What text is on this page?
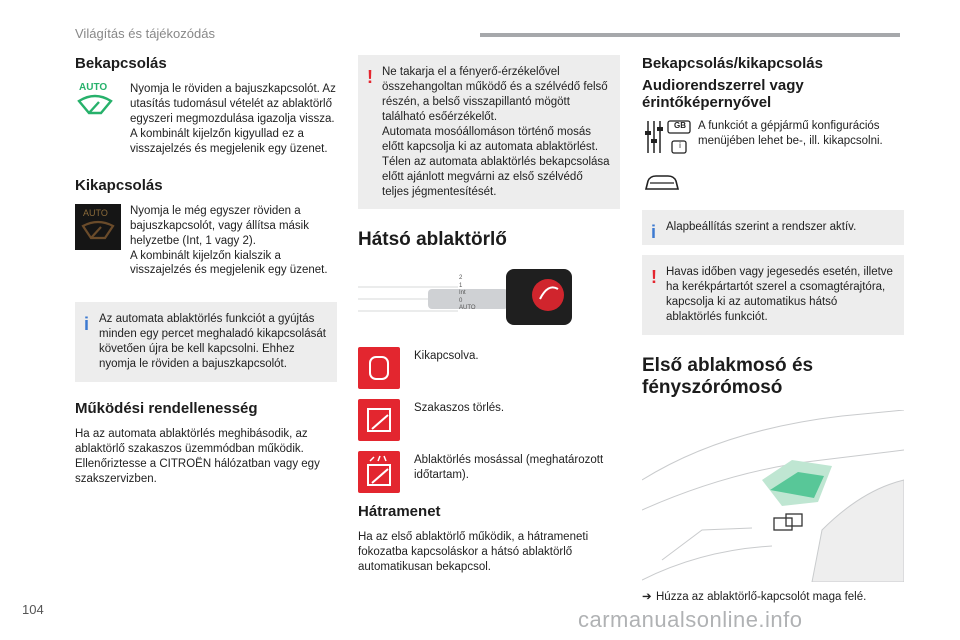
Világítás és tájékozódás
Bekapcsolás
AUTO	Nyomja le röviden a bajuszkapcsolót. Az utasítás tudomásul vételét az ablaktörlő egyszeri megmozdulása igazolja vissza.
A kombinált kijelzőn kigyullad ez a visszajelzés és megjelenik egy üzenet.
Kikapcsolás
AUTO	Nyomja le még egyszer röviden a bajuszkapcsolót, vagy állítsa másik helyzetbe (Int, 1 vagy 2).
A kombinált kijelzőn kialszik a visszajelzés és megjelenik egy üzenet.
i Az automata ablaktörlés funkciót a gyújtás minden egy percet meghaladó kikapcsolását követően újra be kell kapcsolni. Ehhez nyomja le röviden a bajuszkapcsolót.
Működési rendellenesség

Ha az automata ablaktörlés meghibásodik, az ablaktörlő szakaszos üzemmódban működik.
Ellenőriztesse a CITROËN hálózatban vagy egy szakszervizben.

! Ne takarja el a fényerő-érzékelővel összehangoltan működő és a szélvédő felső részén, a belső visszapillantó mögött található esőérzékelőt.
Automata mosóállomáson történő mosás előtt kapcsolja ki az automata ablaktörlést.
Télen az automata ablaktörlés bekapcsolása előtt ajánlott megvárni az első szélvédő teljes jégmentesítését.
Hátsó ablaktörlő
2
1
Int
0
AUTO
Kikapcsolva.
Szakaszos törlés.
Ablaktörlés mosással (meghatározott időtartam).
Hátramenet

Ha az első ablaktörlő működik, a hátrameneti fokozatba kapcsoláskor a hátsó ablaktörlő automatikusan bekapcsol.

Bekapcsolás/kikapcsolás
Audiorendszerrel vagy érintőképernyővel
GB
i
A funkciót a gépjármű konfigurációs menüjében lehet be-, ill. kikapcsolni.
i Alapbeállítás szerint a rendszer aktív.
! Havas időben vagy jegesedés esetén, illetve ha kerékpártartót szerel a csomagtérajtóra, kapcsolja ki az automatikus hátsó ablaktörlés funkciót.
Első ablakmosó és fényszórómosó
➔ Húzza az ablaktörlő-kapcsolót maga felé.
104	carmanualsonline.info
